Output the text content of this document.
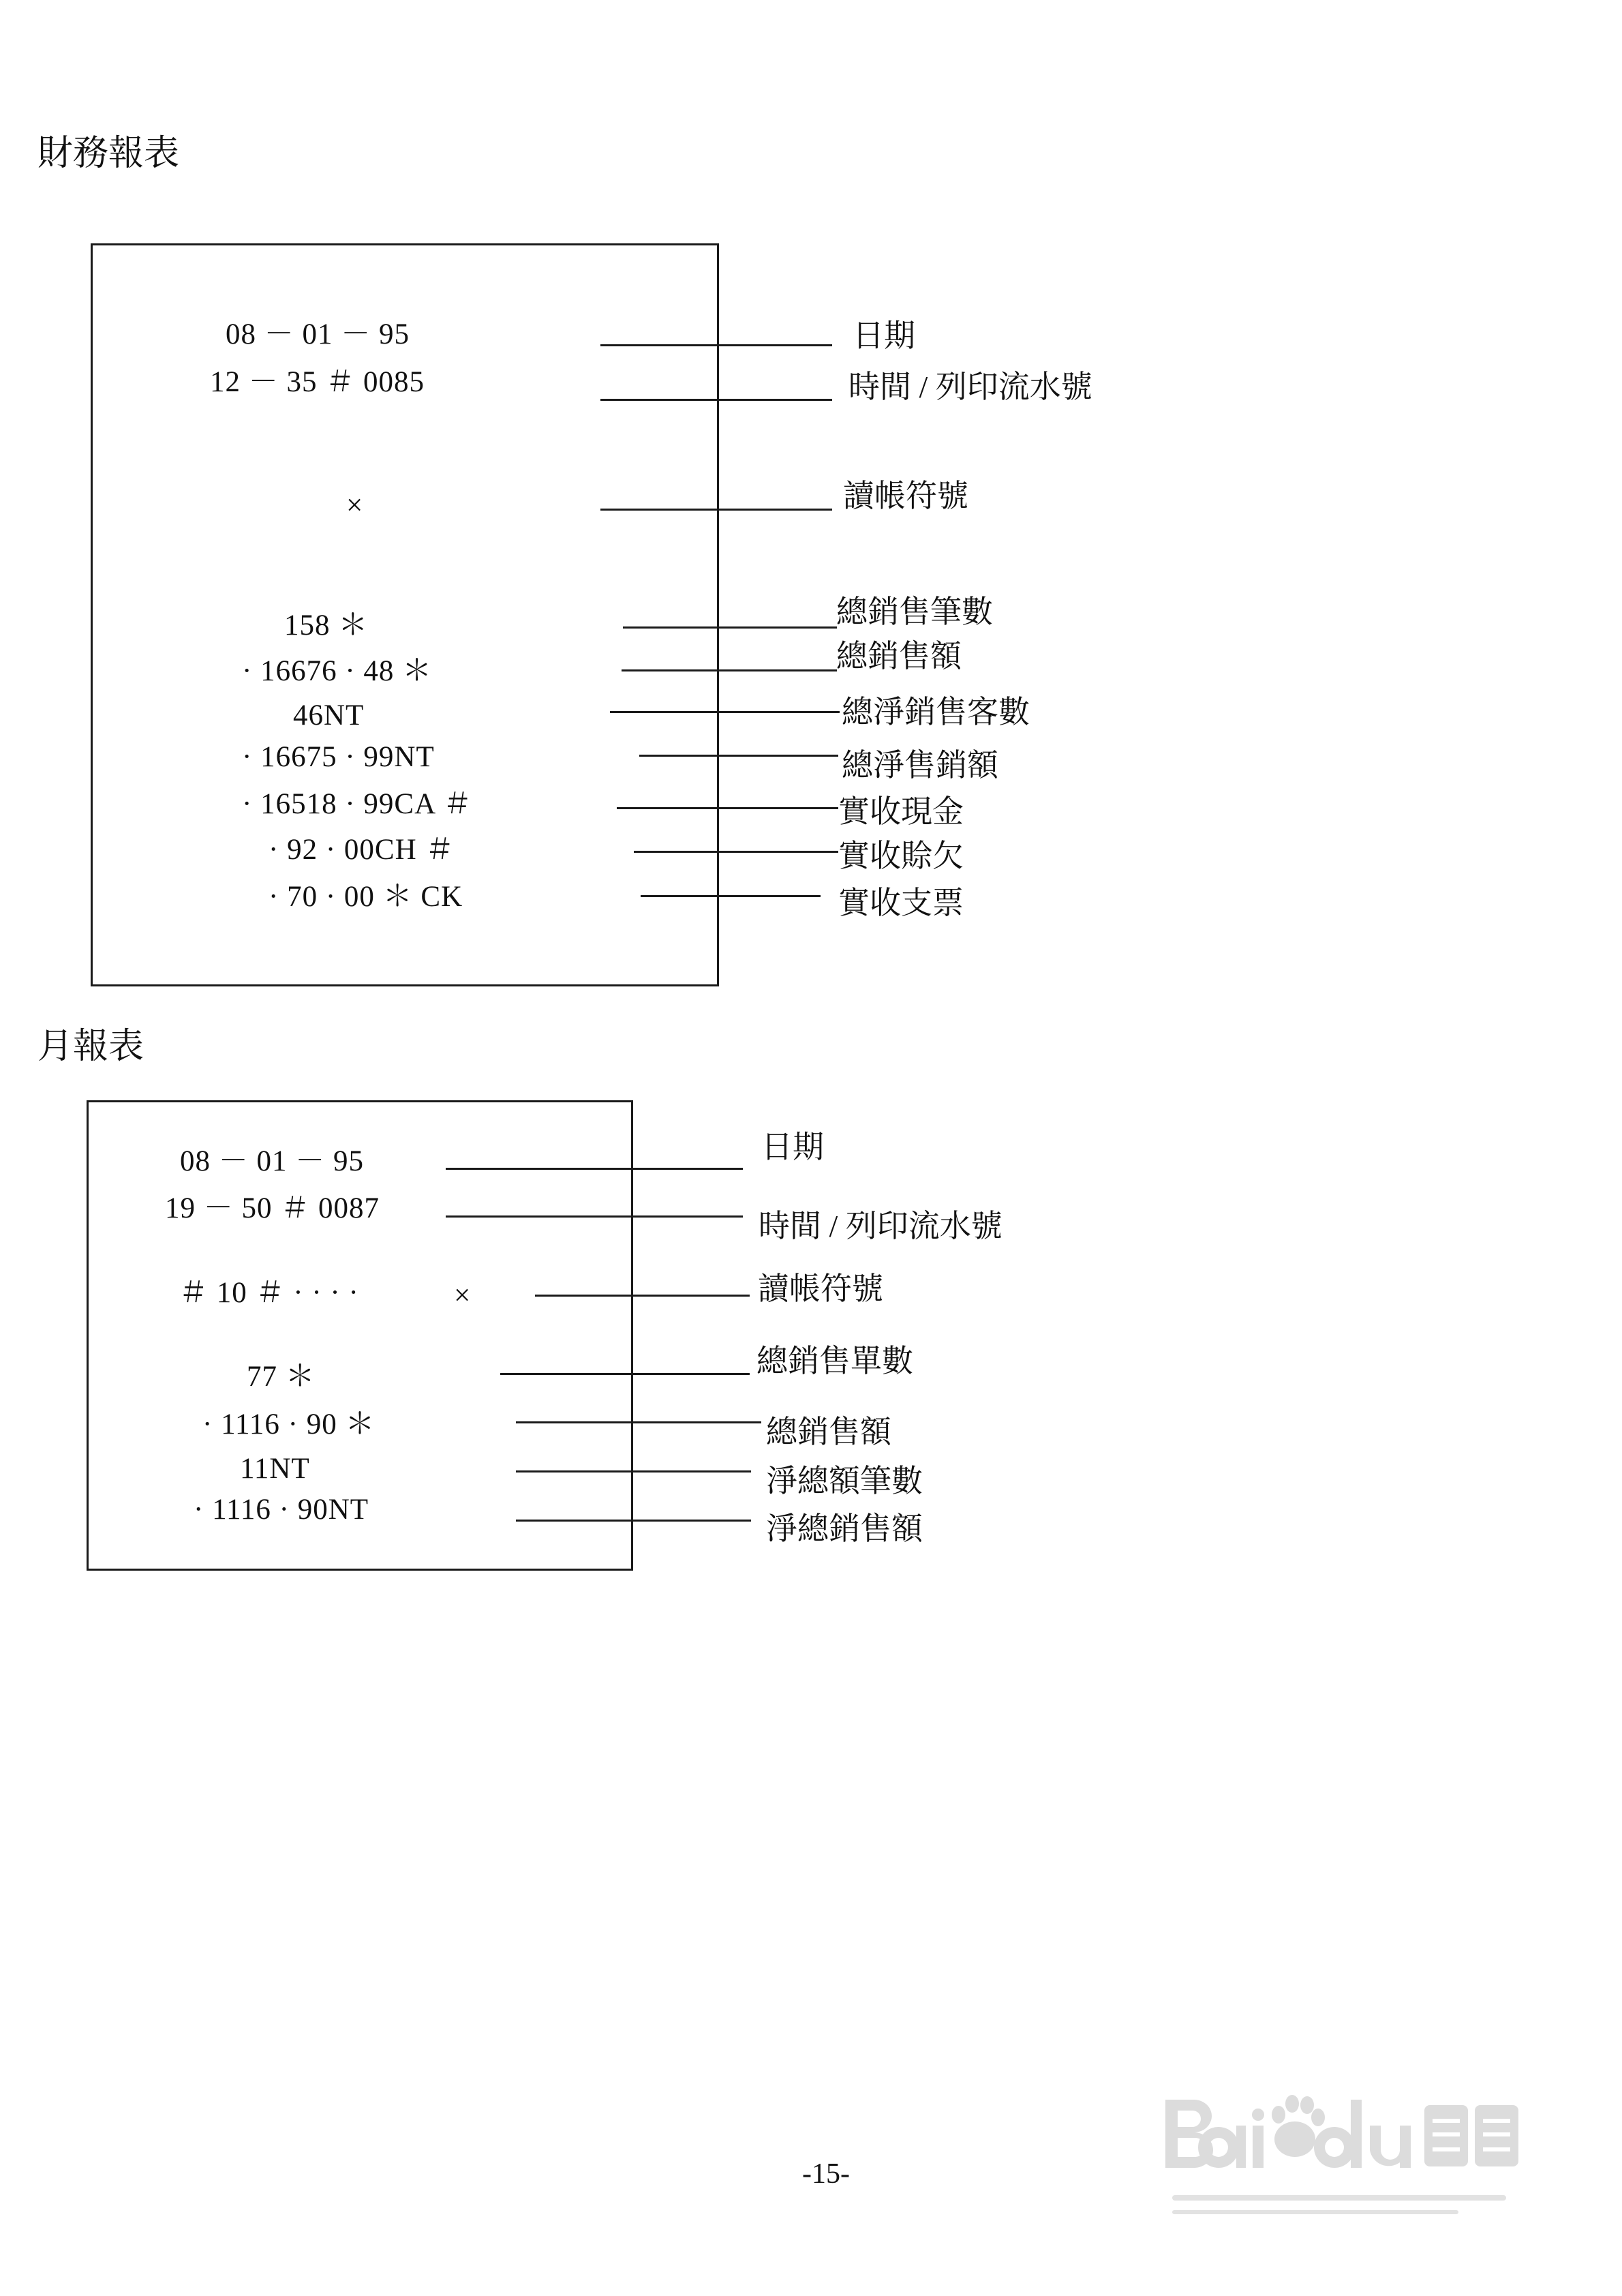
財務報表
08 － 01 － 95
12 － 35 ＃ 0085
×
158 ＊
· 16676 · 48 ＊
46NT
· 16675 · 99NT
· 16518 · 99CA ＃
· 92 · 00CH ＃
· 70 · 00 ＊ CK
日期
時間 / 列印流水號
讀帳符號
總銷售筆數
總銷售額
總淨銷售客數
總淨售銷額
實收現金
實收賒欠
實收支票
月報表
08 － 01 － 95
19 － 50 ＃ 0087
＃ 10 ＃ · · · ·	×
77 ＊
· 1116 · 90 ＊
11NT
· 1116 · 90NT
日期
時間 / 列印流水號
讀帳符號
總銷售單數
總銷售額
淨總額筆數
淨總銷售額
-15-
